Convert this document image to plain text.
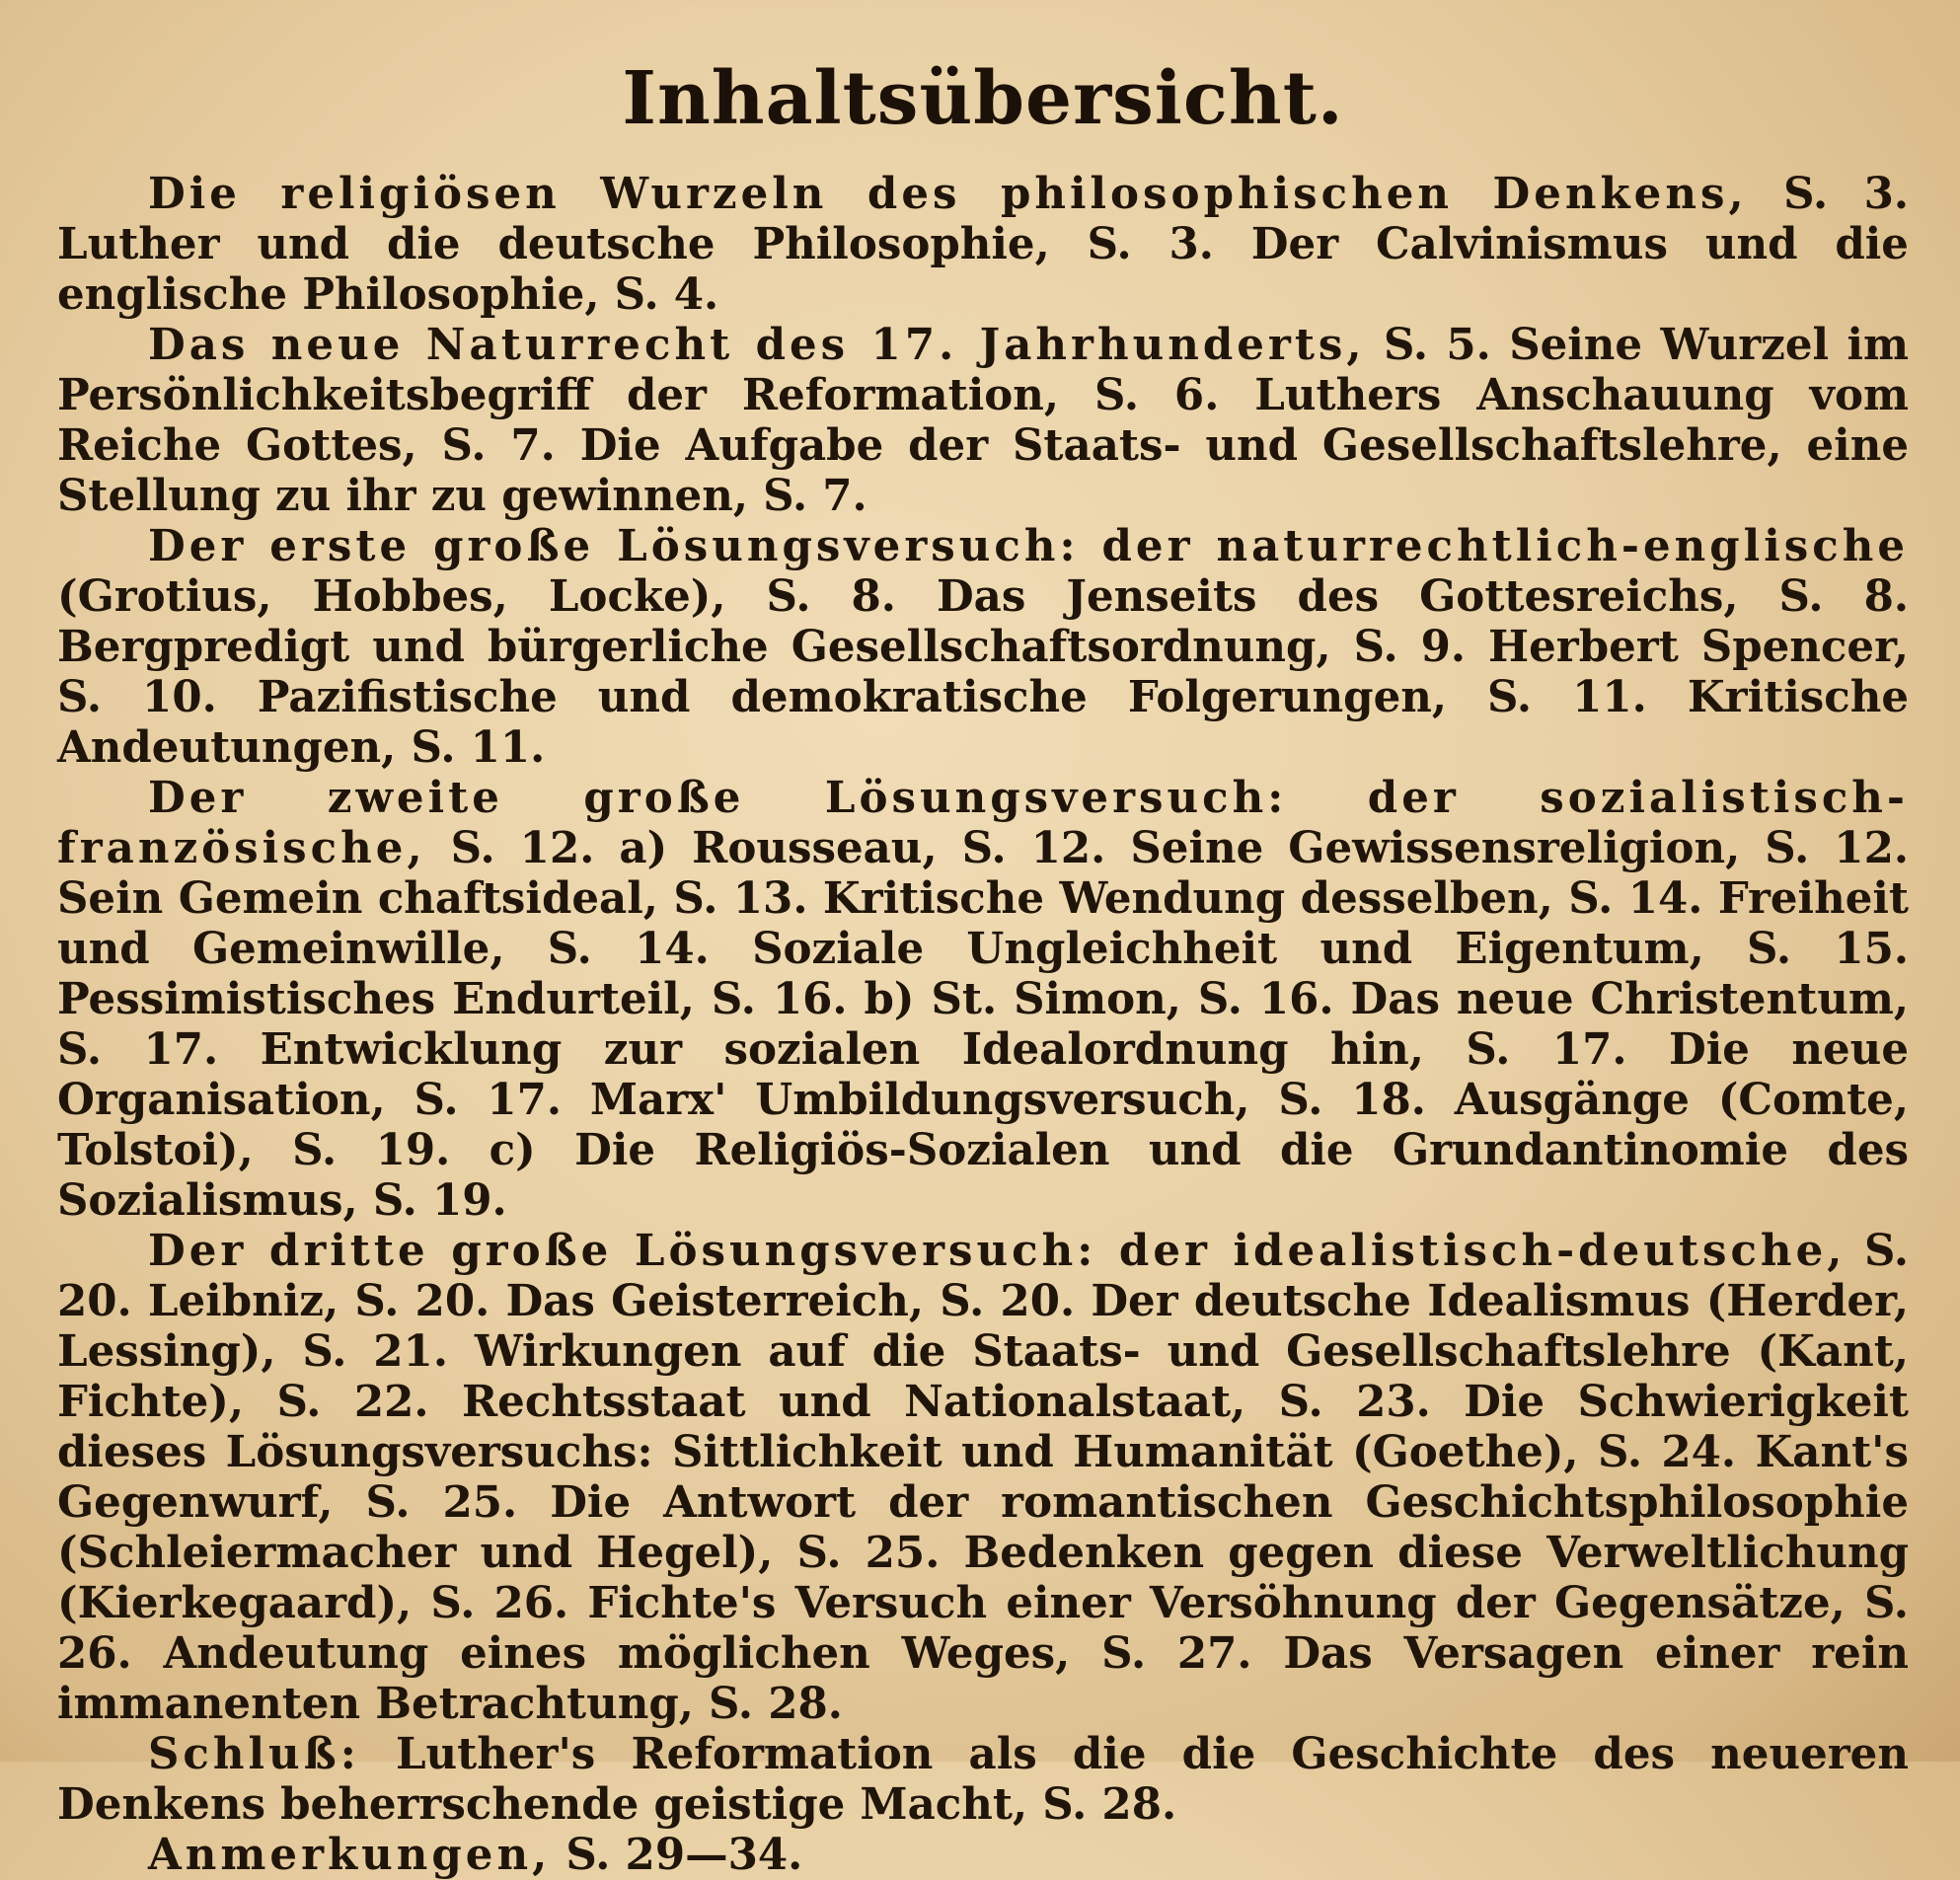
Inhaltsübersicht.

Die religiösen Wurzeln des philosophischen Denkens, S. 3. Luther und die deutsche Philosophie, S. 3. Der Calvinismus und die englische Philosophie, S. 4.

Das neue Naturrecht des 17. Jahrhunderts, S. 5. Seine Wurzel im Persönlichkeitsbegriff der Reformation, S. 6. Luthers Anschauung vom Reiche Gottes, S. 7. Die Aufgabe der Staats- und Gesellschaftslehre, eine Stellung zu ihr zu gewinnen, S. 7.

Der erste große Lösungsversuch: der naturrechtlich-englische (Grotius, Hobbes, Locke), S. 8. Das Jenseits des Gottesreichs, S. 8. Bergpredigt und bürgerliche Gesellschaftsordnung, S. 9. Herbert Spencer, S. 10. Pazifistische und demokratische Folgerungen, S. 11. Kritische Andeutungen, S. 11.

Der zweite große Lösungsversuch: der sozialistisch-französische, S. 12. a) Rousseau, S. 12. Seine Gewissensreligion, S. 12. Sein Gemein chaftsideal, S. 13. Kritische Wendung desselben, S. 14. Freiheit und Gemeinwille, S. 14. Soziale Ungleichheit und Eigentum, S. 15. Pessimistisches Endurteil, S. 16. b) St. Simon, S. 16. Das neue Christentum, S. 17. Entwicklung zur sozialen Idealordnung hin, S. 17. Die neue Organisation, S. 17. Marx' Umbildungsversuch, S. 18. Ausgänge (Comte, Tolstoi), S. 19. c) Die Religiös-Sozialen und die Grundantinomie des Sozialismus, S. 19.

Der dritte große Lösungsversuch: der idealistisch-deutsche, S. 20. Leibniz, S. 20. Das Geisterreich, S. 20. Der deutsche Idealismus (Herder, Lessing), S. 21. Wirkungen auf die Staats- und Gesellschaftslehre (Kant, Fichte), S. 22. Rechtsstaat und Nationalstaat, S. 23. Die Schwierigkeit dieses Lösungsversuchs: Sittlichkeit und Humanität (Goethe), S. 24. Kant's Gegenwurf, S. 25. Die Antwort der romantischen Geschichtsphilosophie (Schleiermacher und Hegel), S. 25. Bedenken gegen diese Verweltlichung (Kierkegaard), S. 26. Fichte's Versuch einer Versöhnung der Gegensätze, S. 26. Andeutung eines möglichen Weges, S. 27. Das Versagen einer rein immanenten Betrachtung, S. 28.

Schluß: Luther's Reformation als die die Geschichte des neueren Denkens beherrschende geistige Macht, S. 28.

Anmerkungen, S. 29—34.
